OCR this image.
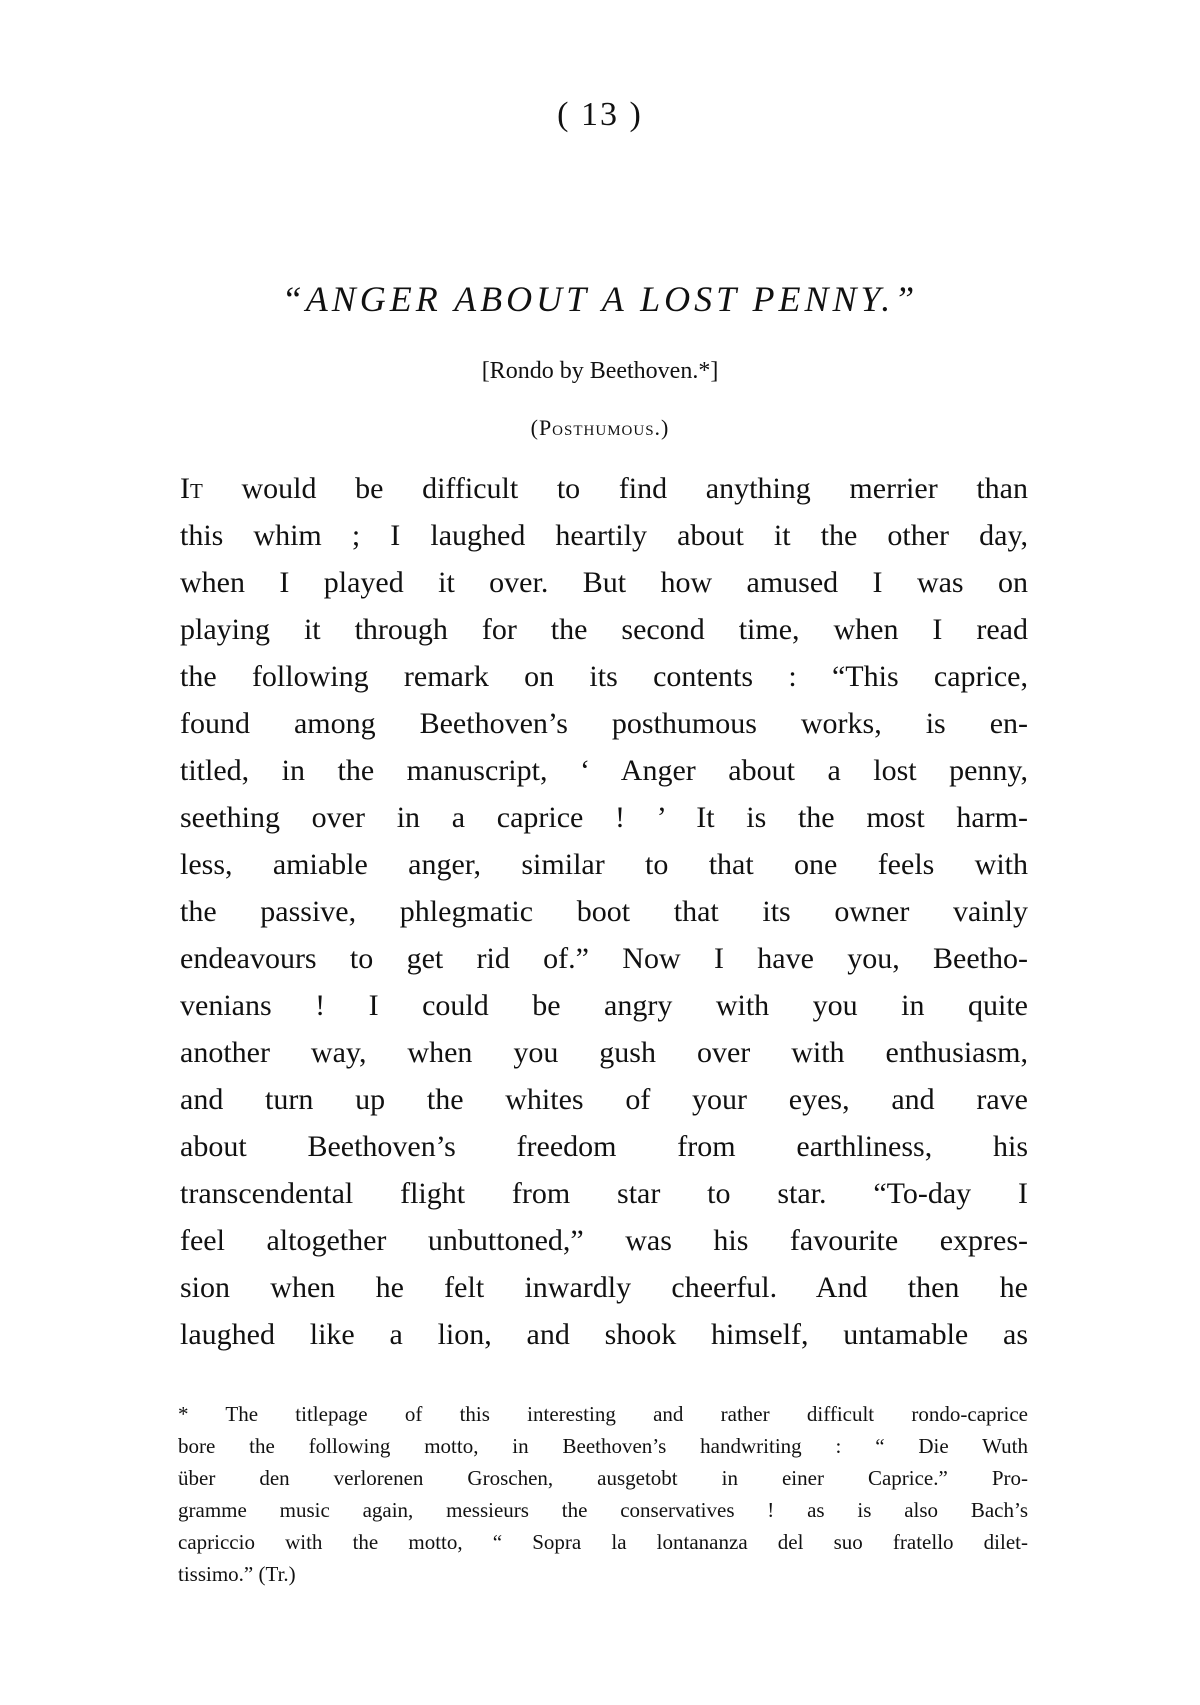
( 13 )
“ANGER ABOUT A LOST PENNY.”
[Rondo by Beethoven.*]
(Posthumous.)
It would be difficult to find anything merrier than
this whim ; I laughed heartily about it the other day,
when I played it over. But how amused I was on
playing it through for the second time, when I read
the following remark on its contents : “This caprice,
found among Beethoven’s posthumous works, is en-
titled, in the manuscript, ‘ Anger about a lost penny,
seething over in a caprice ! ’ It is the most harm-
less, amiable anger, similar to that one feels with
the passive, phlegmatic boot that its owner vainly
endeavours to get rid of.” Now I have you, Beetho-
venians ! I could be angry with you in quite
another way, when you gush over with enthusiasm,
and turn up the whites of your eyes, and rave
about Beethoven’s freedom from earthliness, his
transcendental flight from star to star. “To-day I
feel altogether unbuttoned,” was his favourite expres-
sion when he felt inwardly cheerful. And then he
laughed like a lion, and shook himself, untamable as
* The titlepage of this interesting and rather difficult rondo-caprice
bore the following motto, in Beethoven’s handwriting : “ Die Wuth
über den verlorenen Groschen, ausgetobt in einer Caprice.” Pro-
gramme music again, messieurs the conservatives ! as is also Bach’s
capriccio with the motto, “ Sopra la lontananza del suo fratello dilet-
tissimo.” (Tr.)
